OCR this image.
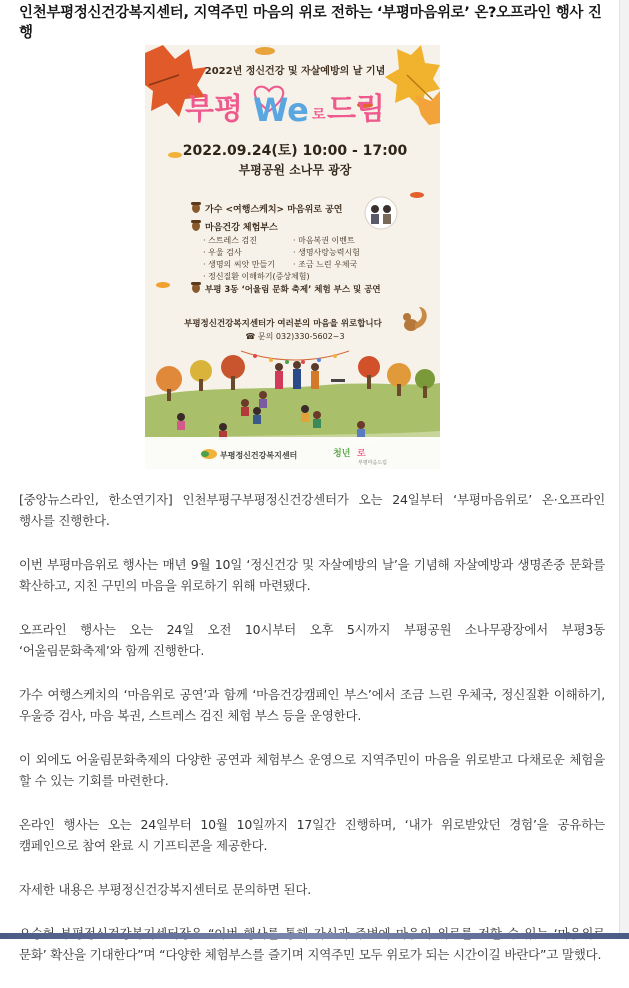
인천부평정신건강복지센터, 지역주민 마음의 위로 전하는 ‘부평마음위로’ 온?오프라인 행사 진행
2022년 정신건강 및 자살예방의 날 기념
부평 We 로 드림
2022.09.24(토) 10:00 - 17:00
부평공원 소나무 광장
가수 <여행스케치> 마음위로 공연
마음건강 체험부스
· 스트레스 검진	· 마음복권 이벤트
· 우울 검사	· 생명사랑능력시험
· 생명의 씨앗 만들기 · 조금 느린 우체국
· 정신질환 이해하기(증상체험)
부평 3동 ‘어울림 문화 축제’ 체험 부스 및 공연
부평정신건강복지센터가 여러분의 마음을 위로합니다
☎ 문의 032)330-5602~3
부평정신건강복지센터	청년 로
부평마음드림

[중앙뉴스라인, 한소연기자] 인천부평구부평정신건강센터가 오는 24일부터 ‘부평마음위로’ 온·오프라인 행사를 진행한다.

이번 부평마음위로 행사는 매년 9월 10일 ‘정신건강 및 자살예방의 날’을 기념해 자살예방과 생명존중 문화를 확산하고, 지친 구민의 마음을 위로하기 위해 마련됐다.

오프라인 행사는 오는 24일 오전 10시부터 오후 5시까지 부평공원 소나무광장에서 부평3동 ‘어울림문화축제’와 함께 진행한다.

가수 여행스케치의 ‘마음위로 공연’과 함께 ‘마음건강캠페인 부스’에서 조금 느린 우체국, 정신질환 이해하기, 우울증 검사, 마음 복권, 스트레스 검진 체험 부스 등을 운영한다.

이 외에도 어울림문화축제의 다양한 공연과 체험부스 운영으로 지역주민이 마음을 위로받고 다채로운 체험을 할 수 있는 기회를 마련한다.

온라인 행사는 오는 24일부터 10월 10일까지 17일간 진행하며, ‘내가 위로받았던 경험’을 공유하는 캠페인으로 참여 완료 시 기프티콘을 제공한다.

자세한 내용은 부평정신건강복지센터로 문의하면 된다.

문화’ 확산을 기대한다”며 “다양한 체험부스를 즐기며 지역주민 모두 위로가 되는 시간이길 바란다”고 말했다.
